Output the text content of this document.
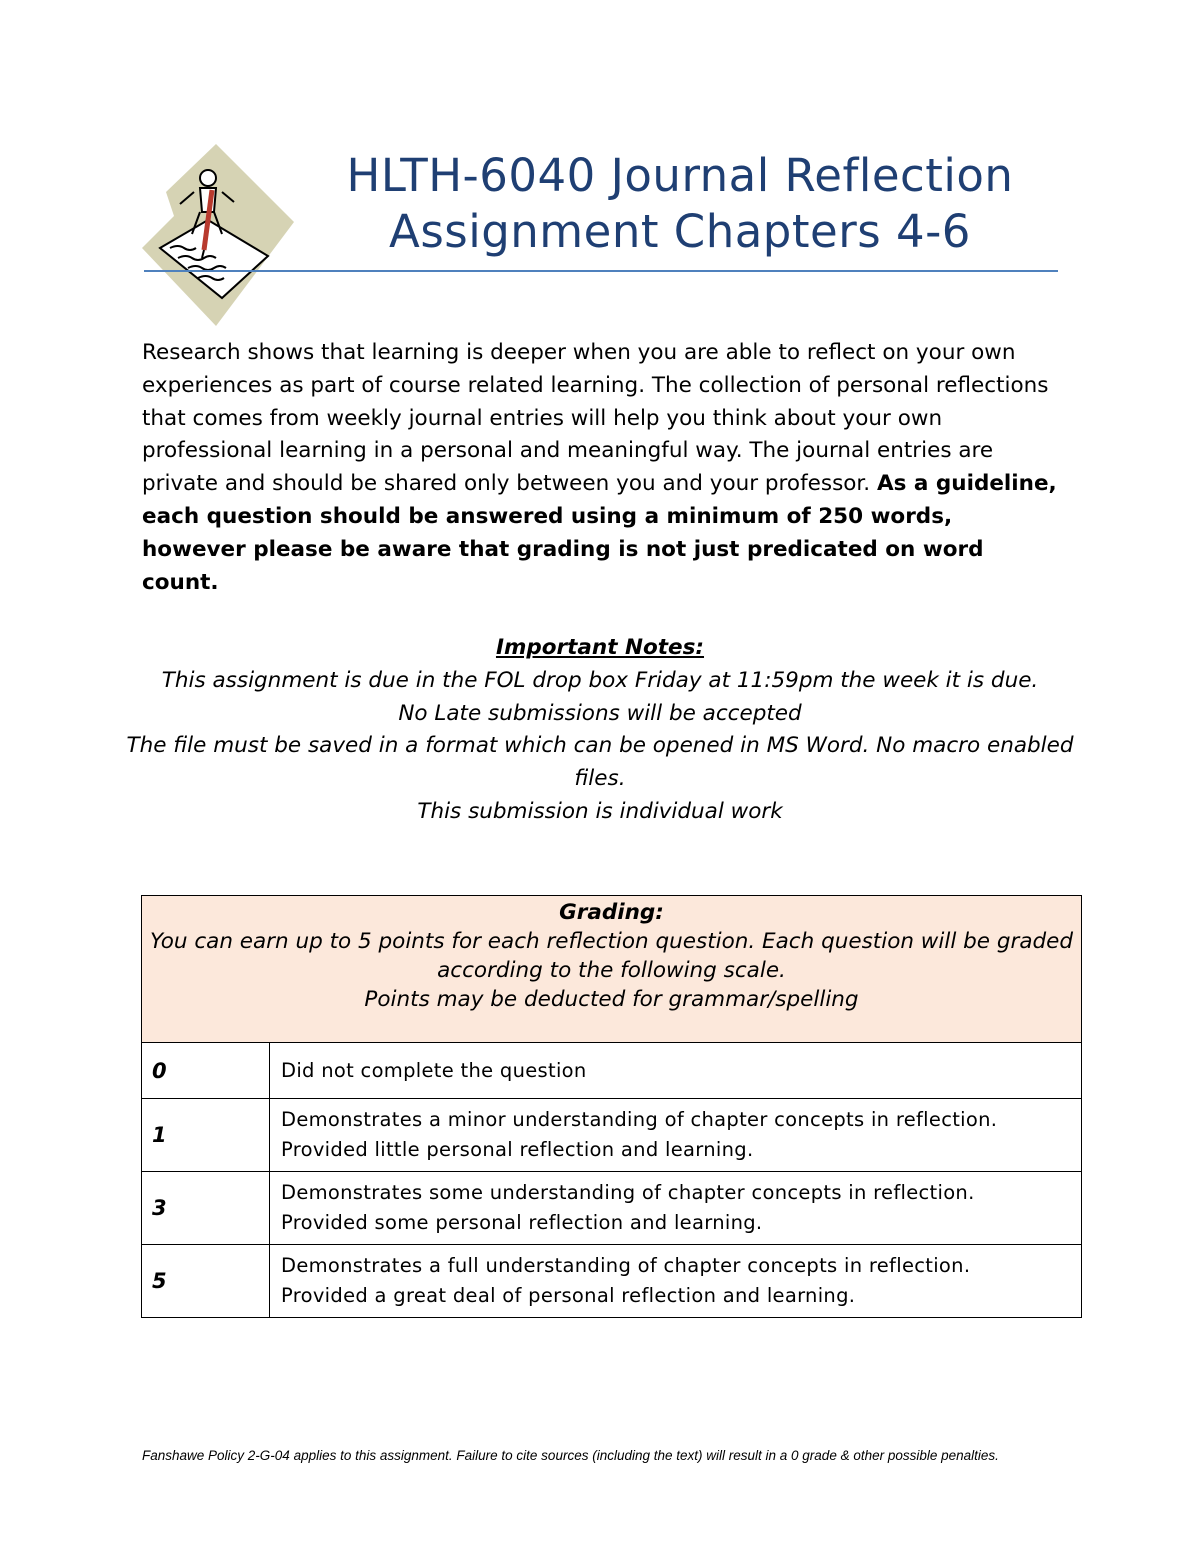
HLTH-6040 Journal Reflection
Assignment Chapters 4-6
Research shows that learning is deeper when you are able to reflect on your own experiences as part of course related learning. The collection of personal reflections that comes from weekly journal entries will help you think about your own professional learning in a personal and meaningful way. The journal entries are private and should be shared only between you and your professor. As a guideline, each question should be answered using a minimum of 250 words, however please be aware that grading is not just predicated on word count.

Important Notes:

This assignment is due in the FOL drop box Friday at 11:59pm the week it is due.

No Late submissions will be accepted

The file must be saved in a format which can be opened in MS Word. No macro enabled files.

This submission is individual work

Grading:

You can earn up to 5 points for each reflection question. Each question will be graded according to the following scale.

Points may be deducted for grammar/spelling	

0	Did not complete the question

1	Demonstrates a minor understanding of chapter concepts in reflection.

Provided little personal reflection and learning.

3	Demonstrates some understanding of chapter concepts in reflection.

Provided some personal reflection and learning.

5	Demonstrates a full understanding of chapter concepts in reflection.

Provided a great deal of personal reflection and learning.

Fanshawe Policy 2-G-04 applies to this assignment. Failure to cite sources (including the text) will result in a 0 grade & other possible penalties.
